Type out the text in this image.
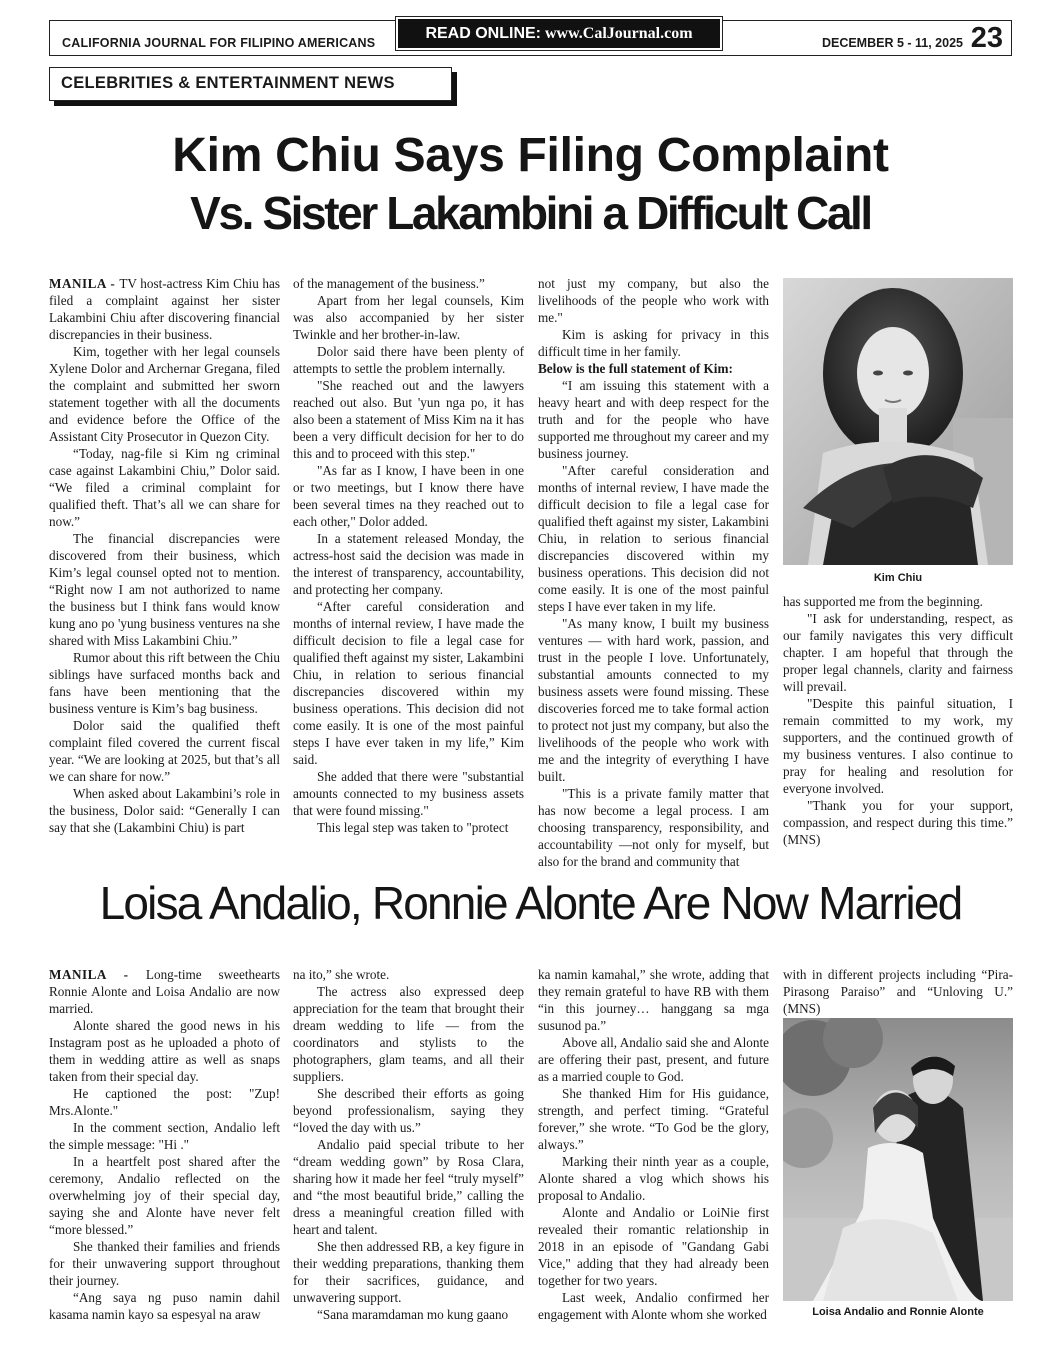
CALIFORNIA JOURNAL FOR FILIPINO AMERICANS
READ ONLINE: www.CalJournal.com
DECEMBER 5 - 11, 2025 23
CELEBRITIES & ENTERTAINMENT NEWS
Kim Chiu Says Filing Complaint
Vs. Sister Lakambini a Difficult Call

MANILA - TV host-actress Kim Chiu has filed a complaint against her sister Lakambini Chiu after discovering financial discrepancies in their business.

Kim, together with her legal counsels Xylene Dolor and Archernar Gregana, filed the complaint and submitted her sworn statement together with all the documents and evidence before the Office of the Assistant City Prosecutor in Quezon City.

“Today, nag-file si Kim ng criminal case against Lakambini Chiu,” Dolor said. “We filed a criminal complaint for qualified theft. That’s all we can share for now.”

The financial discrepancies were discovered from their business, which Kim’s legal counsel opted not to mention. “Right now I am not authorized to name the business but I think fans would know kung ano po 'yung business ventures na she shared with Miss Lakambini Chiu.”

Rumor about this rift between the Chiu siblings have surfaced months back and fans have been mentioning that the business venture is Kim’s bag business.

Dolor said the qualified theft complaint filed covered the current fiscal year. “We are looking at 2025, but that’s all we can share for now.”

When asked about Lakambini’s role in the business, Dolor said: “Generally I can say that she (Lakambini Chiu) is part

of the management of the business.”

Apart from her legal counsels, Kim was also accompanied by her sister Twinkle and her brother-in-law.

Dolor said there have been plenty of attempts to settle the problem internally.

"She reached out and the lawyers reached out also. But 'yun nga po, it has also been a statement of Miss Kim na it has been a very difficult decision for her to do this and to proceed with this step."

"As far as I know, I have been in one or two meetings, but I know there have been several times na they reached out to each other," Dolor added.

In a statement released Monday, the actress-host said the decision was made in the interest of transparency, accountability, and protecting her company.

“After careful consideration and months of internal review, I have made the difficult decision to file a legal case for qualified theft against my sister, Lakambini Chiu, in relation to serious financial discrepancies discovered within my business operations. This decision did not come easily. It is one of the most painful steps I have ever taken in my life,” Kim said.

She added that there were "substantial amounts connected to my business assets that were found missing."

This legal step was taken to "protect

not just my company, but also the livelihoods of the people who work with me."

Kim is asking for privacy in this difficult time in her family.

Below is the full statement of Kim:

“I am issuing this statement with a heavy heart and with deep respect for the truth and for the people who have supported me throughout my career and my business journey.

"After careful consideration and months of internal review, I have made the difficult decision to file a legal case for qualified theft against my sister, Lakambini Chiu, in relation to serious financial discrepancies discovered within my business operations. This decision did not come easily. It is one of the most painful steps I have ever taken in my life.

"As many know, I built my business ventures — with hard work, passion, and trust in the people I love. Unfortunately, substantial amounts connected to my business assets were found missing. These discoveries forced me to take formal action to protect not just my company, but also the livelihoods of the people who work with me and the integrity of everything I have built.

"This is a private family matter that has now become a legal process. I am choosing transparency, responsibility, and accountability —not only for myself, but also for the brand and community that

Kim Chiu

has supported me from the beginning.

"I ask for understanding, respect, as our family navigates this very difficult chapter. I am hopeful that through the proper legal channels, clarity and fairness will prevail.

"Despite this painful situation, I remain committed to my work, my supporters, and the continued growth of my business ventures. I also continue to pray for healing and resolution for everyone involved.

"Thank you for your support, compassion, and respect during this time.” (MNS)

Loisa Andalio, Ronnie Alonte Are Now Married

MANILA - Long-time sweethearts Ronnie Alonte and Loisa Andalio are now married.

Alonte shared the good news in his Instagram post as he uploaded a photo of them in wedding attire as well as snaps taken from their special day.

He captioned the post: "Zup! Mrs.Alonte."

In the comment section, Andalio left the simple message: "Hi ."

In a heartfelt post shared after the ceremony, Andalio reflected on the overwhelming joy of their special day, saying she and Alonte have never felt “more blessed.”

She thanked their families and friends for their unwavering support throughout their journey.

“Ang saya ng puso namin dahil kasama namin kayo sa espesyal na araw

na ito,” she wrote.

The actress also expressed deep appreciation for the team that brought their dream wedding to life — from the coordinators and stylists to the photographers, glam teams, and all their suppliers.

She described their efforts as going beyond professionalism, saying they “loved the day with us.”

Andalio paid special tribute to her “dream wedding gown” by Rosa Clara, sharing how it made her feel “truly myself” and “the most beautiful bride,” calling the dress a meaningful creation filled with heart and talent.

She then addressed RB, a key figure in their wedding preparations, thanking them for their sacrifices, guidance, and unwavering support.

“Sana maramdaman mo kung gaano

ka namin kamahal,” she wrote, adding that they remain grateful to have RB with them “in this journey… hanggang sa mga susunod pa.”

Above all, Andalio said she and Alonte are offering their past, present, and future as a married couple to God.

She thanked Him for His guidance, strength, and perfect timing. “Grateful forever,” she wrote. “To God be the glory, always.”

Marking their ninth year as a couple, Alonte shared a vlog which shows his proposal to Andalio.

Alonte and Andalio or LoiNie first revealed their romantic relationship in 2018 in an episode of "Gandang Gabi Vice," adding that they had already been together for two years.

Last week, Andalio confirmed her engagement with Alonte whom she worked

with in different projects including “Pira-Pirasong Paraiso” and “Unloving U.” (MNS)

Loisa Andalio and Ronnie Alonte
